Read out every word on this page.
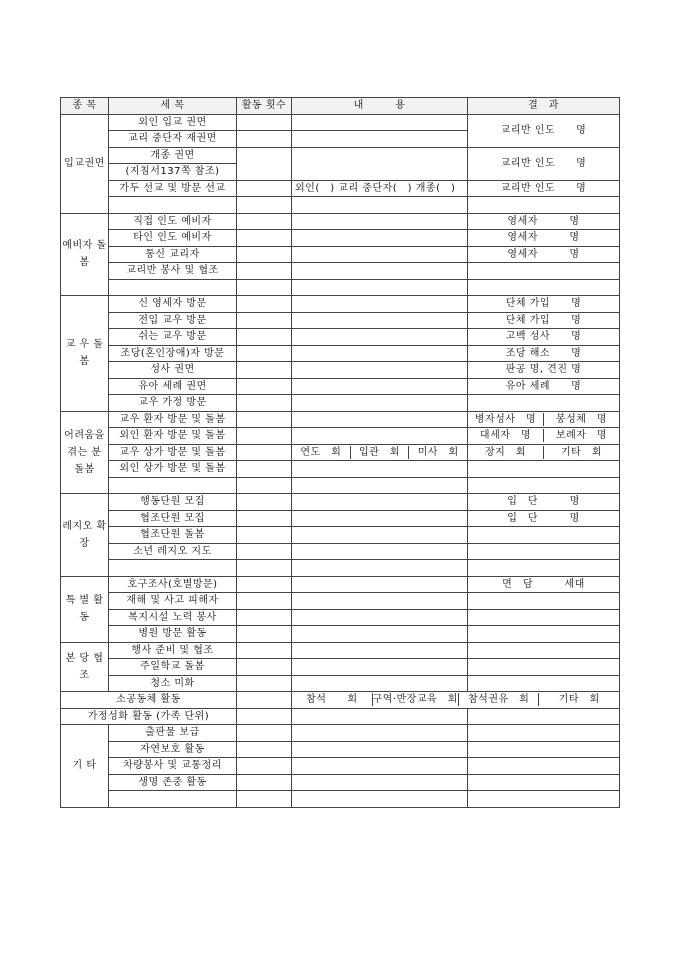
종 목	세 목	활동 횟수	내　　　용	결　과
입교권면	외인 입교 권면			교리반 인도　　명
	교리 중단자 재권면			
	개종 권면			교리반 인도　　명
	(지침서137쪽 참조)			
	가두 선교 및 방문 선교		외인(　) 교리 중단자(　) 개종(　)	교리반 인도　　명

예비자 돌 봄	직접 인도 예비자			영세자　　　명
	타인 인도 예비자			영세자　　　명
	통신 교리자			영세자　　　명
	교리반 봉사 및 협조			

교 우 돌 봄	신 영세자 방문			단체 가입　　명
	전입 교우 방문			단체 가입　　명
	쉬는 교우 방문			고백 성사　　명
	조당(혼인장애)자 방문			조당 해소　　명
	성사 권면			판공 명, 견진 명
	유아 세례 권면			유아 세례　　명
	교우 가정 방문			
어려움을 겪는 분 돌봄	교우 환자 방문 및 돌봄			병자성사　명 봉성체　명

	외인 환자 방문 및 돌봄			대세자　명 보례자　명

	교우 상가 방문 및 돌봄		연도　회 입관　회 미사　회	장지　회 기타　회

	외인 상가 방문 및 돌봄			

레지오 확 장	행동단원 모집			입　단　　　명
	협조단원 모집			입　단　　　명
	협조단원 돌봄			
	소년 레지오 지도			

특 별 활 동	호구조사(호별방문)			면　담　　　세대
	재해 및 사고 피해자			
	복지시설 노력 봉사			
	병원 방문 활동			
본 당 협 조	행사 준비 및 협조			
	주일학교 돌봄			
	청소 미화			
소공동체 활동			참석　　회 구역·반장교육　회 참석권유　회 기타　회	

가정성화 활동 (가족 단위)				
기 타	출판물 보급			
	자연보호 활동			
	차량봉사 및 교통정리			
	생명 존중 활동			
